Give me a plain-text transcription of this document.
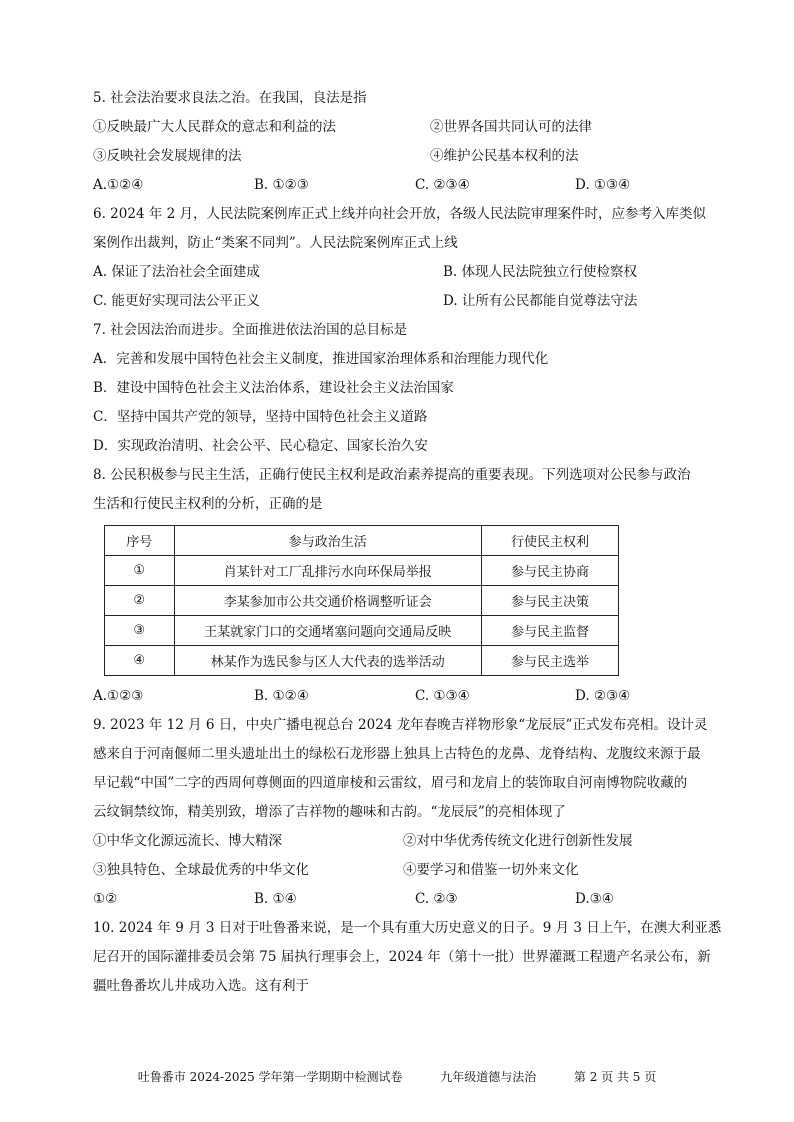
5. 社会法治要求良法之治。在我国，良法是指
①反映最广大人民群众的意志和利益的法	②世界各国共同认可的法律
③反映社会发展规律的法	④维护公民基本权利的法
A.①②④	B. ①②③	C. ②③④	D. ①③④
6. 2024 年 2 月，人民法院案例库正式上线并向社会开放，各级人民法院审理案件时，应参考入库类似
案例作出裁判，防止“类案不同判”。人民法院案例库正式上线
A. 保证了法治社会全面建成	B. 体现人民法院独立行使检察权
C. 能更好实现司法公平正义	D. 让所有公民都能自觉尊法守法
7. 社会因法治而进步。全面推进依法治国的总目标是
A．完善和发展中国特色社会主义制度，推进国家治理体系和治理能力现代化
B．建设中国特色社会主义法治体系，建设社会主义法治国家
C．坚持中国共产党的领导，坚持中国特色社会主义道路
D．实现政治清明、社会公平、民心稳定、国家长治久安
8. 公民积极参与民主生活，正确行使民主权利是政治素养提高的重要表现。下列选项对公民参与政治
生活和行使民主权利的分析，正确的是
序号	参与政治生活	行使民主权利
①	肖某针对工厂乱排污水向环保局举报	参与民主协商
②	李某参加市公共交通价格调整听证会	参与民主决策
③	王某就家门口的交通堵塞问题向交通局反映	参与民主监督
④	林某作为选民参与区人大代表的选举活动	参与民主选举
A.①②③	B. ①②④	C. ①③④	D. ②③④
9. 2023 年 12 月 6 日，中央广播电视总台 2024 龙年春晚吉祥物形象“龙辰辰”正式发布亮相。设计灵
感来自于河南偃师二里头遗址出土的绿松石龙形器上独具上古特色的龙鼻、龙脊结构、龙腹纹来源于最
早记载“中国”二字的西周何尊侧面的四道扉棱和云雷纹，眉弓和龙肩上的装饰取自河南博物院收藏的
云纹铜禁纹饰，精美别致，增添了吉祥物的趣味和古韵。“龙辰辰”的亮相体现了
①中华文化源远流长、博大精深	②对中华优秀传统文化进行创新性发展
③独具特色、全球最优秀的中华文化	④要学习和借鉴一切外来文化
①②	B. ①④	C. ②③	D.③④
10. 2024 年 9 月 3 日对于吐鲁番来说，是一个具有重大历史意义的日子。9 月 3 日上午，在澳大利亚悉
尼召开的国际灌排委员会第 75 届执行理事会上，2024 年（第十一批）世界灌溉工程遗产名录公布，新
疆吐鲁番坎儿井成功入选。这有利于
吐鲁番市 2024-2025 学年第一学期期中检测试卷	九年级道德与法治	第 2 页 共 5 页
